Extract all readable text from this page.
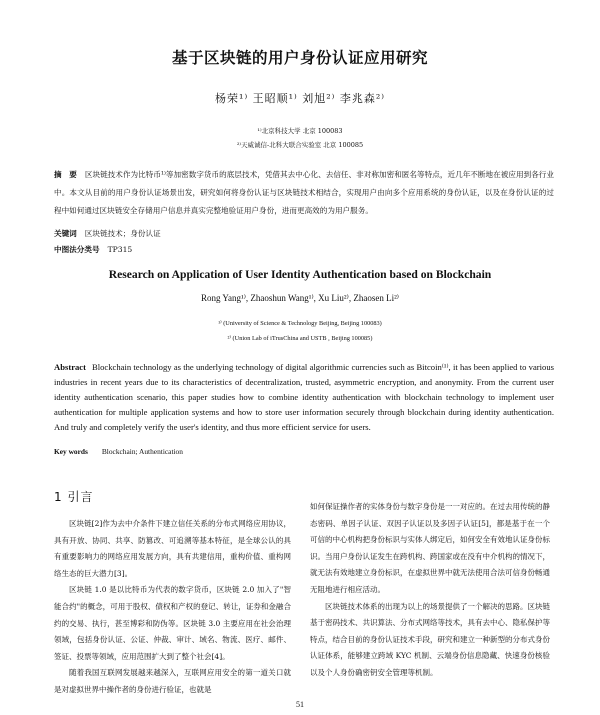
基于区块链的用户身份认证应用研究
杨荣¹⁾ 王昭顺¹⁾ 刘旭²⁾ 李兆森²⁾
¹⁾北京科技大学 北京 100083
²⁾天威诚信-北科大联合实验室 北京 100085
摘　要 区块链技术作为比特币¹⁾等加密数字货币的底层技术，凭借其去中心化、去信任、非对称加密和匿名等特点，近几年不断地在被应用到各行业中。本文从目前的用户身份认证场景出发，研究如何将身份认证与区块链技术相结合，实现用户由向多个应用系统的身份认证，以及在身份认证的过程中如何通过区块链安全存储用户信息并真实完整地验证用户身份，进而更高效的为用户服务。
关键词 区块链技术；身份认证
中图法分类号 TP315
Research on Application of User Identity Authentication based on Blockchain
Rong Yang¹⁾, Zhaoshun Wang¹⁾, Xu Liu²⁾, Zhaosen Li²⁾
¹⁾ (University of Science & Technology Beijing, Beijing 100083)
²⁾ (Union Lab of iTrusChina and USTB , Beijing 100085)
Abstract Blockchain technology as the underlying technology of digital algorithmic currencies such as Bitcoin⁽¹⁾, it has been applied to various industries in recent years due to its characteristics of decentralization, trusted, asymmetric encryption, and anonymity. From the current user identity authentication scenario, this paper studies how to combine identity authentication with blockchain technology to implement user authentication for multiple application systems and how to store user information securely through blockchain during identity authentication. And truly and completely verify the user's identity, and thus more efficient service for users.
Key words Blockchain; Authentication
1 引言

区块链[2]作为去中介条件下建立信任关系的分布式网络应用协议，具有开放、协同、共享、防篡改、可追溯等基本特征，是全球公认的具有重要影响力的网络应用发展方向，具有共建信用，重构价值、重构网络生态的巨大潜力[3]。

区块链 1.0 是以比特币为代表的数字货币，区块链 2.0 加入了"智能合约"的概念，可用于股权、债权和产权的登记、转让，证券和金融合约的交易、执行，甚至博彩和防伪等。区块链 3.0 主要应用在社会治理领域，包括身份认证、公证、仲裁、审计、域名、物流、医疗、邮件、签证、投票等领域，应用范围扩大到了整个社会[4]。

随着我国互联网发展越来越深入，互联网应用安全的第一道关口就是对虚拟世界中操作者的身份进行验证，也就是

如何保证操作者的实体身份与数字身份是一一对应的。在过去用传统的静态密码、单因子认证、双因子认证以及多因子认证[5]，都是基于在一个可信的中心机构把身份标识与实体人绑定后，如何安全有效地认证身份标识。当用户身份认证发生在跨机构、跨国家或在没有中介机构的情况下，就无法有效地建立身份标识，在虚拟世界中就无法使用合法可信身份畅通无阻地进行相应活动。

区块链技术体系的出现为以上的场景提供了一个解决的思路。区块链基于密码技术、共识算法、分布式网络等技术，具有去中心、隐私保护等特点，结合目前的身份认证技术手段，研究和建立一种新型的分布式身份认证体系，能够建立跨域 KYC 机制、云端身份信息隐藏、快速身份核验以及个人身份确密钥安全管理等机制。

51
